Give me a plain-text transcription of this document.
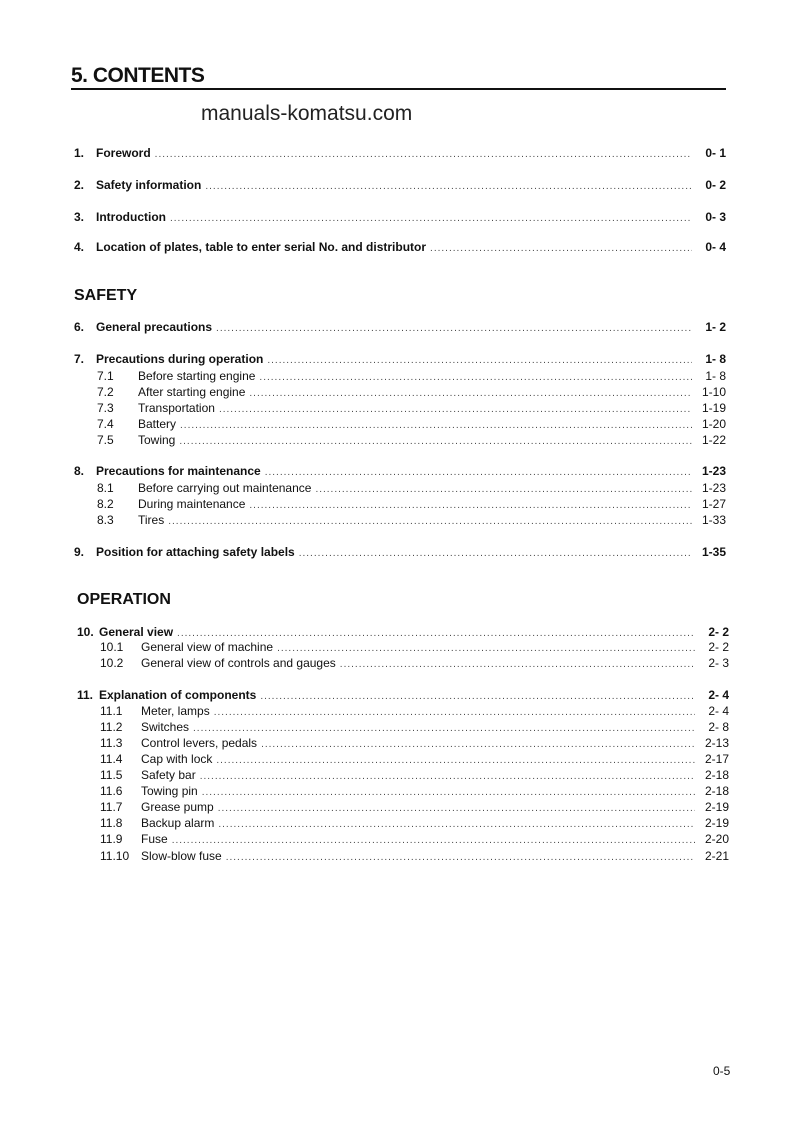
5. CONTENTS
manuals-komatsu.com
SAFETY
OPERATION
1. Foreword .....	0- 1
2. Safety information .....	0- 2
3. Introduction .....	0- 3
4. Location of plates, table to enter serial No. and distributor .....	0- 4
6. General precautions .....	1- 2
7. Precautions during operation .....	1- 8
7.1	Before starting engine .....	1- 8
7.2	After starting engine .....	1-10
7.3	Transportation .....	1-19
7.4	Battery .....	1-20
7.5	Towing .....	1-22
8. Precautions for maintenance .....	1-23
8.1	Before carrying out maintenance .....	1-23
8.2	During maintenance .....	1-27
8.3	Tires .....	1-33
9. Position for attaching safety labels .....	1-35
10. General view .....	2- 2
10.1	General view of machine .....	2- 2
10.2	General view of controls and gauges .....	2- 3
11. Explanation of components .....	2- 4
11.1	Meter, lamps .....	2- 4
11.2	Switches .....	2- 8
11.3	Control levers, pedals .....	2-13
11.4	Cap with lock .....	2-17
11.5	Safety bar .....	2-18
11.6	Towing pin .....	2-18
11.7	Grease pump .....	2-19
11.8	Backup alarm .....	2-19
11.9	Fuse .....	2-20
11.10 Slow-blow fuse .....	2-21
0-5
